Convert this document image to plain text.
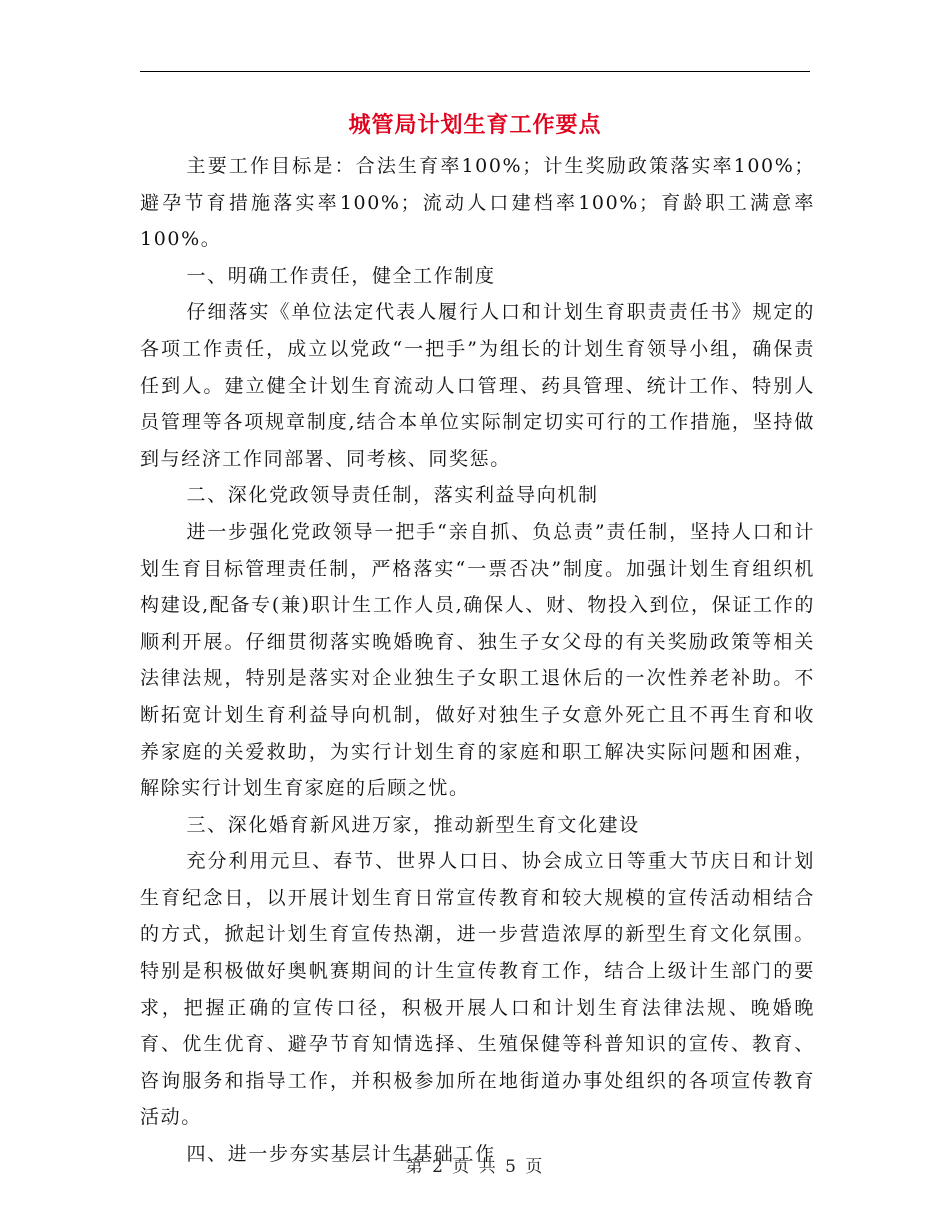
城管局计划生育工作要点

主要工作目标是：合法生育率100%；计生奖励政策落实率100%；避孕节育措施落实率100%；流动人口建档率100%；育龄职工满意率100%。

一、明确工作责任，健全工作制度

仔细落实《单位法定代表人履行人口和计划生育职责责任书》规定的各项工作责任，成立以党政“一把手”为组长的计划生育领导小组，确保责任到人。建立健全计划生育流动人口管理、药具管理、统计工作、特别人员管理等各项规章制度,结合本单位实际制定切实可行的工作措施，坚持做到与经济工作同部署、同考核、同奖惩。

二、深化党政领导责任制，落实利益导向机制

进一步强化党政领导一把手“亲自抓、负总责”责任制，坚持人口和计划生育目标管理责任制，严格落实“一票否决”制度。加强计划生育组织机构建设,配备专(兼)职计生工作人员,确保人、财、物投入到位，保证工作的顺利开展。仔细贯彻落实晚婚晚育、独生子女父母的有关奖励政策等相关法律法规，特别是落实对企业独生子女职工退休后的一次性养老补助。不断拓宽计划生育利益导向机制，做好对独生子女意外死亡且不再生育和收养家庭的关爱救助，为实行计划生育的家庭和职工解决实际问题和困难，解除实行计划生育家庭的后顾之忧。

三、深化婚育新风进万家，推动新型生育文化建设

充分利用元旦、春节、世界人口日、协会成立日等重大节庆日和计划生育纪念日，以开展计划生育日常宣传教育和较大规模的宣传活动相结合的方式，掀起计划生育宣传热潮，进一步营造浓厚的新型生育文化氛围。特别是积极做好奥帆赛期间的计生宣传教育工作，结合上级计生部门的要求，把握正确的宣传口径，积极开展人口和计划生育法律法规、晚婚晚育、优生优育、避孕节育知情选择、生殖保健等科普知识的宣传、教育、咨询服务和指导工作，并积极参加所在地街道办事处组织的各项宣传教育活动。

四、进一步夯实基层计生基础工作

第 2 页 共 5 页
